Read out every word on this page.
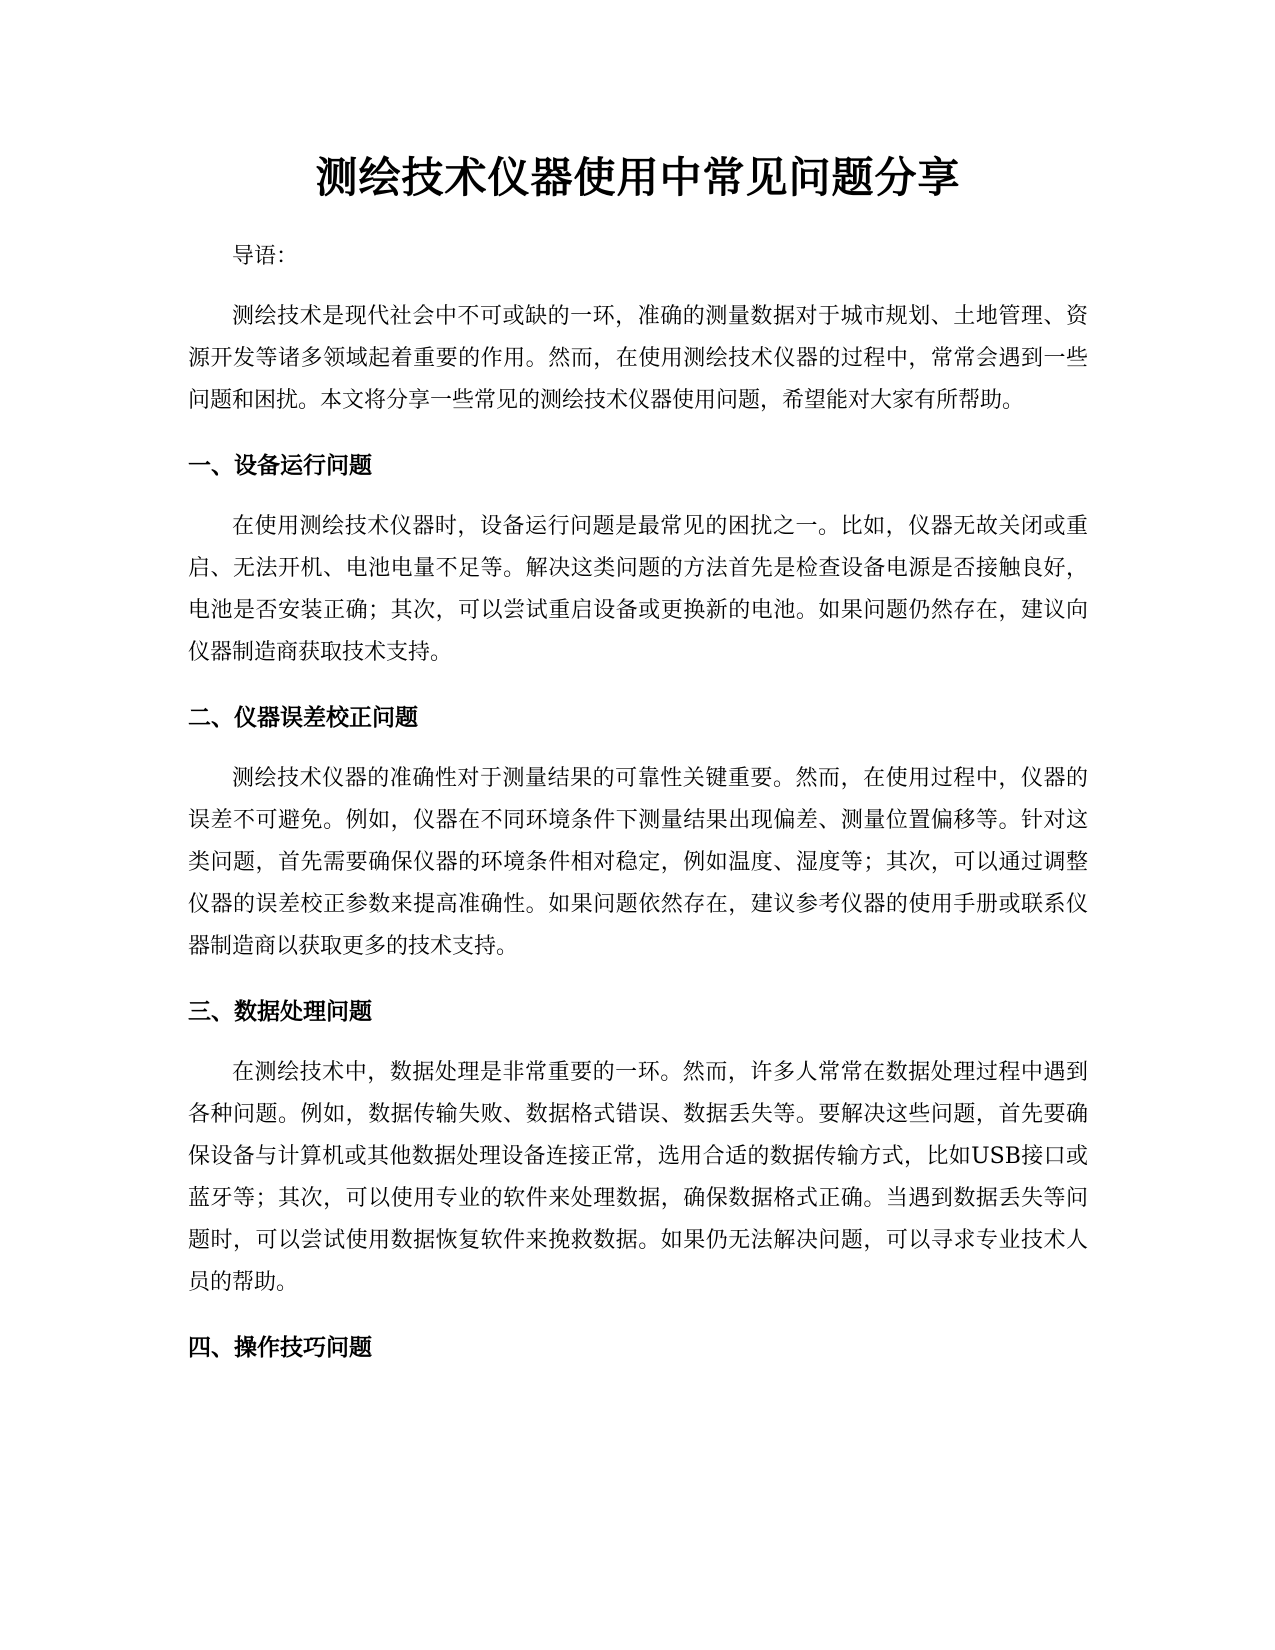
测绘技术仪器使用中常见问题分享

导语：

测绘技术是现代社会中不可或缺的一环，准确的测量数据对于城市规划、土地管理、资源开发等诸多领域起着重要的作用。然而，在使用测绘技术仪器的过程中，常常会遇到一些问题和困扰。本文将分享一些常见的测绘技术仪器使用问题，希望能对大家有所帮助。

一、设备运行问题

在使用测绘技术仪器时，设备运行问题是最常见的困扰之一。比如，仪器无故关闭或重启、无法开机、电池电量不足等。解决这类问题的方法首先是检查设备电源是否接触良好，电池是否安装正确；其次，可以尝试重启设备或更换新的电池。如果问题仍然存在，建议向仪器制造商获取技术支持。

二、仪器误差校正问题

测绘技术仪器的准确性对于测量结果的可靠性关键重要。然而，在使用过程中，仪器的误差不可避免。例如，仪器在不同环境条件下测量结果出现偏差、测量位置偏移等。针对这类问题，首先需要确保仪器的环境条件相对稳定，例如温度、湿度等；其次，可以通过调整仪器的误差校正参数来提高准确性。如果问题依然存在，建议参考仪器的使用手册或联系仪器制造商以获取更多的技术支持。

三、数据处理问题

在测绘技术中，数据处理是非常重要的一环。然而，许多人常常在数据处理过程中遇到各种问题。例如，数据传输失败、数据格式错误、数据丢失等。要解决这些问题，首先要确保设备与计算机或其他数据处理设备连接正常，选用合适的数据传输方式，比如USB接口或蓝牙等；其次，可以使用专业的软件来处理数据，确保数据格式正确。当遇到数据丢失等问题时，可以尝试使用数据恢复软件来挽救数据。如果仍无法解决问题，可以寻求专业技术人员的帮助。

四、操作技巧问题
